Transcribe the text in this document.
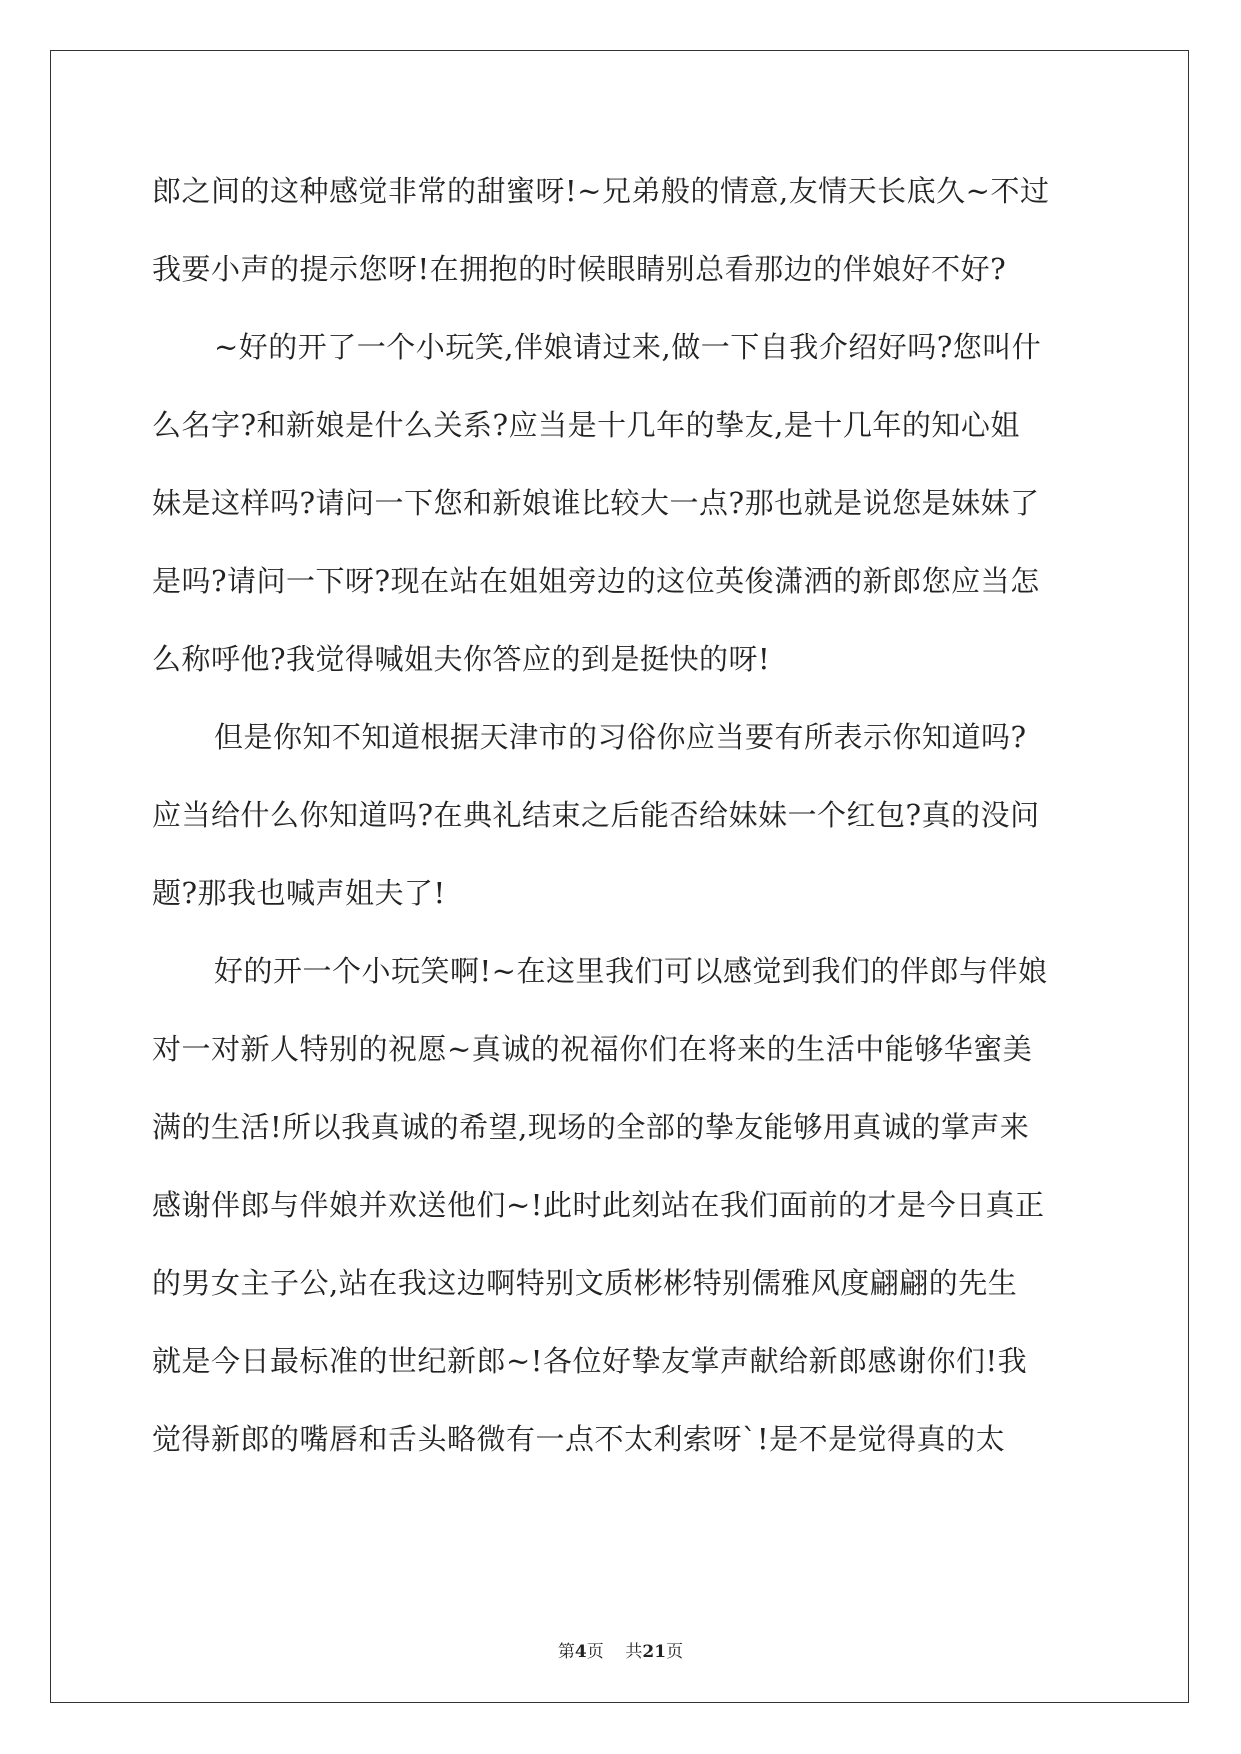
郎之间的这种感觉非常的甜蜜呀!~兄弟般的情意,友情天长底久~不过
我要小声的提示您呀!在拥抱的时候眼睛别总看那边的伴娘好不好?
~好的开了一个小玩笑,伴娘请过来,做一下自我介绍好吗?您叫什
么名字?和新娘是什么关系?应当是十几年的挚友,是十几年的知心姐
妹是这样吗?请问一下您和新娘谁比较大一点?那也就是说您是妹妹了
是吗?请问一下呀?现在站在姐姐旁边的这位英俊潇洒的新郎您应当怎
么称呼他?我觉得喊姐夫你答应的到是挺快的呀!
但是你知不知道根据天津市的习俗你应当要有所表示你知道吗?
应当给什么你知道吗?在典礼结束之后能否给妹妹一个红包?真的没问
题?那我也喊声姐夫了!
好的开一个小玩笑啊!~在这里我们可以感觉到我们的伴郎与伴娘
对一对新人特别的祝愿~真诚的祝福你们在将来的生活中能够华蜜美
满的生活!所以我真诚的希望,现场的全部的挚友能够用真诚的掌声来
感谢伴郎与伴娘并欢送他们~!此时此刻站在我们面前的才是今日真正
的男女主子公,站在我这边啊特别文质彬彬特别儒雅风度翩翩的先生
就是今日最标准的世纪新郎~!各位好挚友掌声献给新郎感谢你们!我
觉得新郎的嘴唇和舌头略微有一点不太利索呀`!是不是觉得真的太
第4页 共21页
